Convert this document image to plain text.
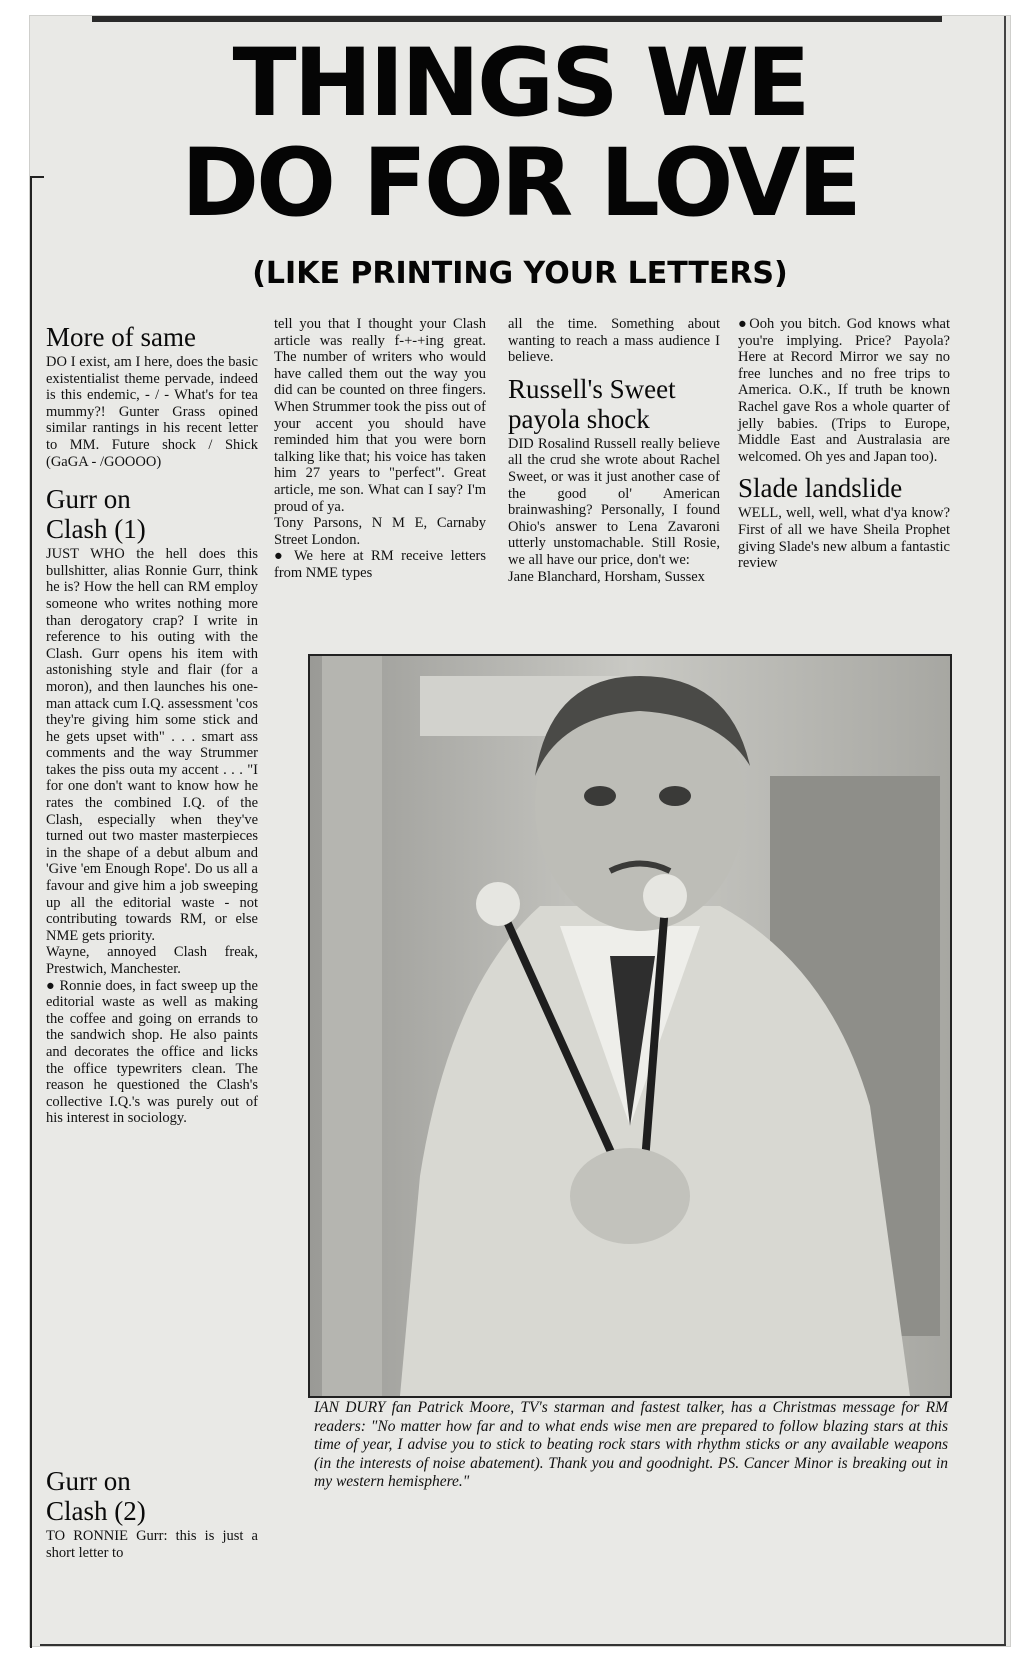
THINGS WE
DO FOR LOVE
(LIKE PRINTING YOUR LETTERS)
More of same

DO I exist, am I here, does the basic existentialist theme pervade, indeed is this endemic, - / - What's for tea mummy?! Gunter Grass opined similar rantings in his recent letter to MM. Future shock / Shick (GaGA - /GOOOO)

Gurr on
Clash (1)

JUST WHO the hell does this bullshitter, alias Ronnie Gurr, think he is? How the hell can RM employ someone who writes nothing more than derogatory crap? I write in reference to his outing with the Clash. Gurr opens his item with astonishing style and flair (for a moron), and then launches his one-man attack cum I.Q. assessment 'cos they're giving him some stick and he gets upset with" . . . smart ass comments and the way Strummer takes the piss outa my accent . . . "I for one don't want to know how he rates the combined I.Q. of the Clash, especially when they've turned out two master masterpieces in the shape of a debut album and 'Give 'em Enough Rope'. Do us all a favour and give him a job sweeping up all the editorial waste - not contributing towards RM, or else NME gets priority.

Wayne, annoyed Clash freak, Prestwich, Manchester.

● Ronnie does, in fact sweep up the editorial waste as well as making the coffee and going on errands to the sandwich shop. He also paints and decorates the office and licks the office typewriters clean. The reason he questioned the Clash's collective I.Q.'s was purely out of his interest in sociology.

Gurr on
Clash (2)

TO RONNIE Gurr: this is just a short letter to

tell you that I thought your Clash article was really f-+-+ing great. The number of writers who would have called them out the way you did can be counted on three fingers. When Strummer took the piss out of your accent you should have reminded him that you were born talking like that; his voice has taken him 27 years to "perfect". Great article, me son. What can I say? I'm proud of ya.

Tony Parsons, N M E, Carnaby Street London.

● We here at RM receive letters from NME types

all the time. Something about wanting to reach a mass audience I believe.

Russell's Sweet
payola shock

DID Rosalind Russell really believe all the crud she wrote about Rachel Sweet, or was it just another case of the good ol' American brainwashing? Personally, I found Ohio's answer to Lena Zavaroni utterly unstomachable. Still Rosie, we all have our price, don't we:

Jane Blanchard, Horsham, Sussex

●Ooh you bitch. God knows what you're implying. Price? Payola? Here at Record Mirror we say no free lunches and no free trips to America. O.K., If truth be known Rachel gave Ros a whole quarter of jelly babies. (Trips to Europe, Middle East and Australasia are welcomed. Oh yes and Japan too).

Slade landslide

WELL, well, well, what d'ya know? First of all we have Sheila Prophet giving Slade's new album a fantastic review

IAN DURY fan Patrick Moore, TV's starman and fastest talker, has a Christmas message for RM readers: "No matter how far and to what ends wise men are prepared to follow blazing stars at this time of year, I advise you to stick to beating rock stars with rhythm sticks or any available weapons (in the interests of noise abatement). Thank you and goodnight. PS. Cancer Minor is breaking out in my western hemisphere."
